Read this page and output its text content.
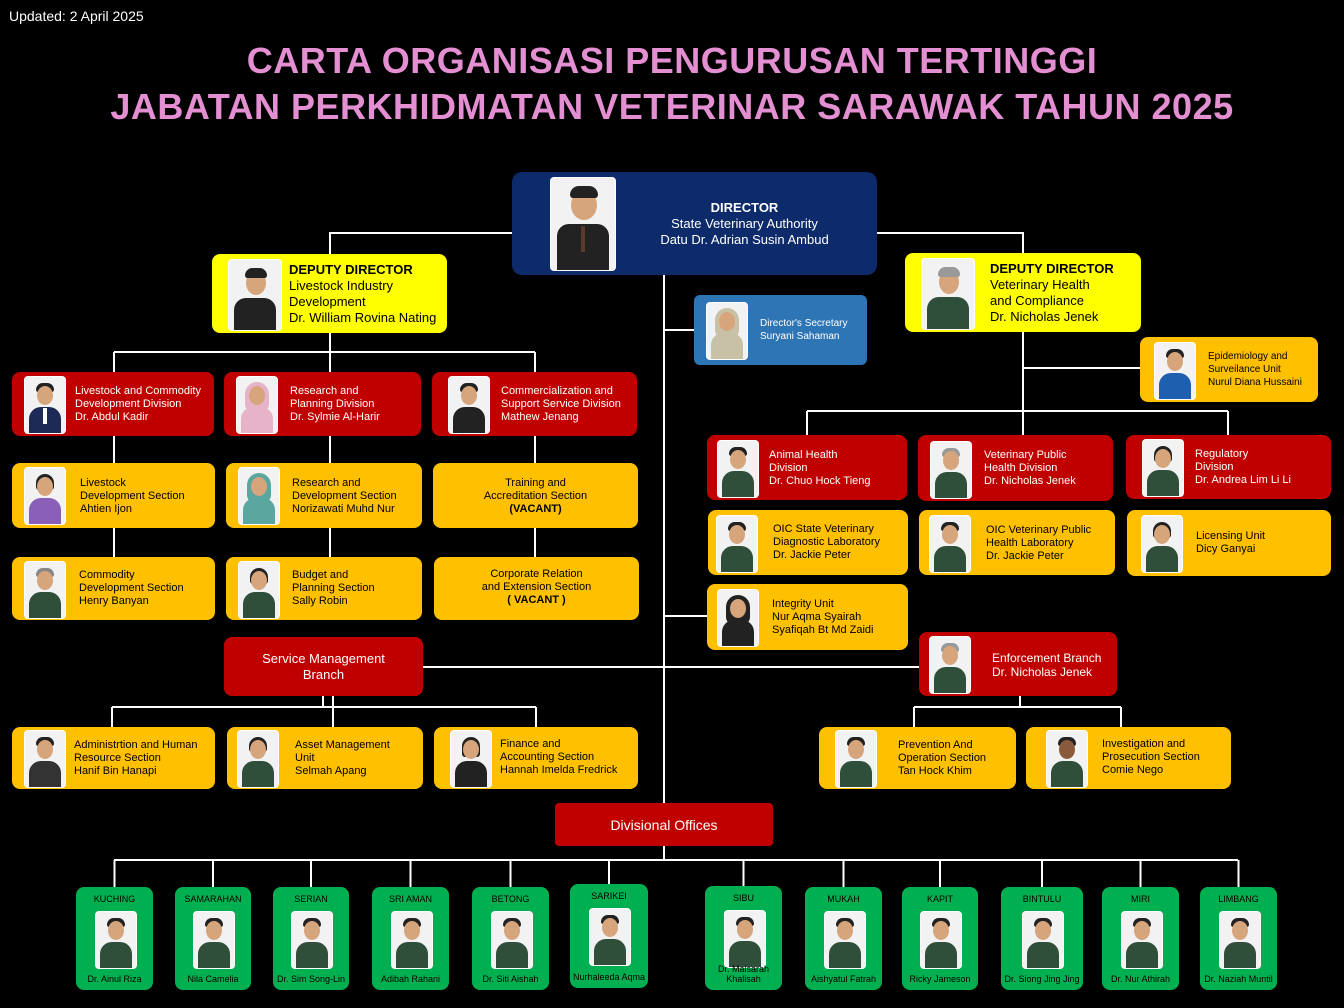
Updated: 2 April 2025
CARTA ORGANISASI PENGURUSAN TERTINGGI
JABATAN PERKHIDMATAN VETERINAR SARAWAK TAHUN 2025
DIRECTOR
State Veterinary Authority
Datu Dr. Adrian Susin Ambud
Director's Secretary
Suryani Sahaman
DEPUTY DIRECTOR
Livestock Industry
Development
Dr. William Rovina Nating
DEPUTY DIRECTOR
Veterinary Health
and Compliance
Dr. Nicholas Jenek
Epidemiology and
Surveilance Unit
Nurul Diana Hussaini
Livestock and Commodity
Development Division
Dr. Abdul Kadir
Research and
Planning Division
Dr. Sylmie Al-Harir
Commercialization and
Support Service Division
Mathew Jenang
Livestock
Development Section
Ahtien Ijon
Research and
Development Section
Norizawati Muhd Nur
Training and
Accreditation Section
(VACANT)
Commodity
Development Section
Henry Banyan
Budget and
Planning Section
Sally Robin
Corporate Relation
and Extension Section
( VACANT )
Service Management
Branch
Administrtion and Human
Resource Section
Hanif Bin Hanapi
Asset Management
Unit
Selmah Apang
Finance and
Accounting Section
Hannah Imelda Fredrick
Animal Health
Division
Dr. Chuo Hock Tieng
Veterinary Public
Health Division
Dr. Nicholas Jenek
Regulatory
Division
Dr. Andrea Lim Li Li
OIC State Veterinary
Diagnostic Laboratory
Dr. Jackie Peter
OIC Veterinary Public
Health Laboratory
Dr. Jackie Peter
Licensing Unit
Dicy Ganyai
Integrity Unit
Nur Aqma Syairah
Syafiqah Bt Md Zaidi
Enforcement Branch
Dr. Nicholas Jenek
Prevention And
Operation Section
Tan Hock Khim
Investigation and
Prosecution Section
Comie Nego
Divisional Offices
KUCHING
Dr. Ainul Riza
SAMARAHAN
Nila Camelia
SERIAN
Dr. Sim Song-Lin
SRI AMAN
Adibah Rahani
BETONG
Dr. Siti Aishah
SARIKEI
Nurhaleeda Aqma
SIBU
Dr. Maisarah Khalisah
MUKAH
Aishyatul Fatrah
KAPIT
Ricky Jameson
BINTULU
Dr. Siong Jing Jing
MIRI
Dr. Nur Athirah
LIMBANG
Dr. Naziah Muntil
